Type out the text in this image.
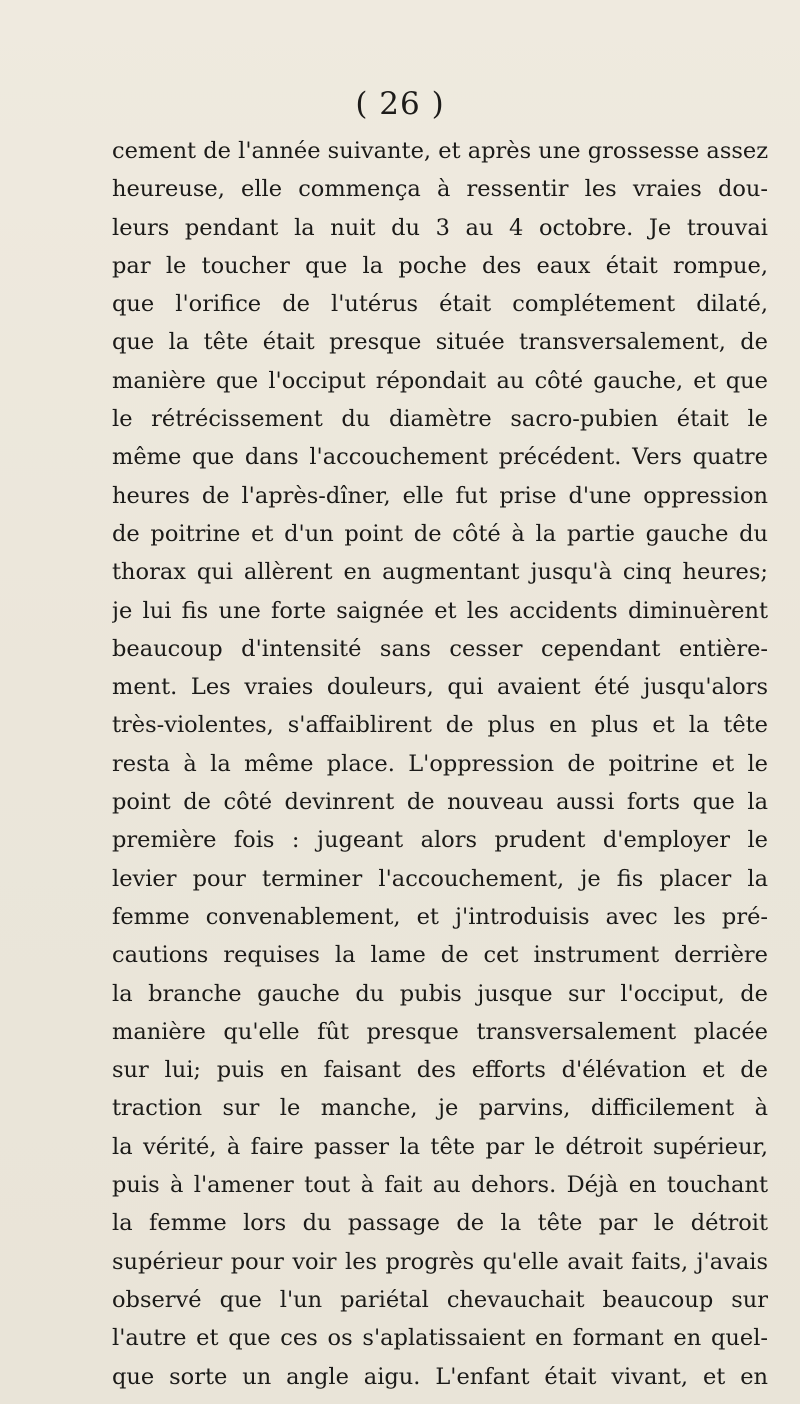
( 26 )
cement de l'année suivante, et après une grossesse assez
heureuse, elle commença à ressentir les vraies dou-
leurs pendant la nuit du 3 au 4 octobre. Je trouvai
par le toucher que la poche des eaux était rompue,
que l'orifice de l'utérus était complétement dilaté,
que la tête était presque située transversalement, de
manière que l'occiput répondait au côté gauche, et que
le rétrécissement du diamètre sacro-pubien était le
même que dans l'accouchement précédent. Vers quatre
heures de l'après-dîner, elle fut prise d'une oppression
de poitrine et d'un point de côté à la partie gauche du
thorax qui allèrent en augmentant jusqu'à cinq heures;
je lui fis une forte saignée et les accidents diminuèrent
beaucoup d'intensité sans cesser cependant entière-
ment. Les vraies douleurs, qui avaient été jusqu'alors
très-violentes, s'affaiblirent de plus en plus et la tête
resta à la même place. L'oppression de poitrine et le
point de côté devinrent de nouveau aussi forts que la
première fois : jugeant alors prudent d'employer le
levier pour terminer l'accouchement, je fis placer la
femme convenablement, et j'introduisis avec les pré-
cautions requises la lame de cet instrument derrière
la branche gauche du pubis jusque sur l'occiput, de
manière qu'elle fût presque transversalement placée
sur lui; puis en faisant des efforts d'élévation et de
traction sur le manche, je parvins, difficilement à
la vérité, à faire passer la tête par le détroit supérieur,
puis à l'amener tout à fait au dehors. Déjà en touchant
la femme lors du passage de la tête par le détroit
supérieur pour voir les progrès qu'elle avait faits, j'avais
observé que l'un pariétal chevauchait beaucoup sur
l'autre et que ces os s'aplatissaient en formant en quel-
que sorte un angle aigu. L'enfant était vivant, et en
